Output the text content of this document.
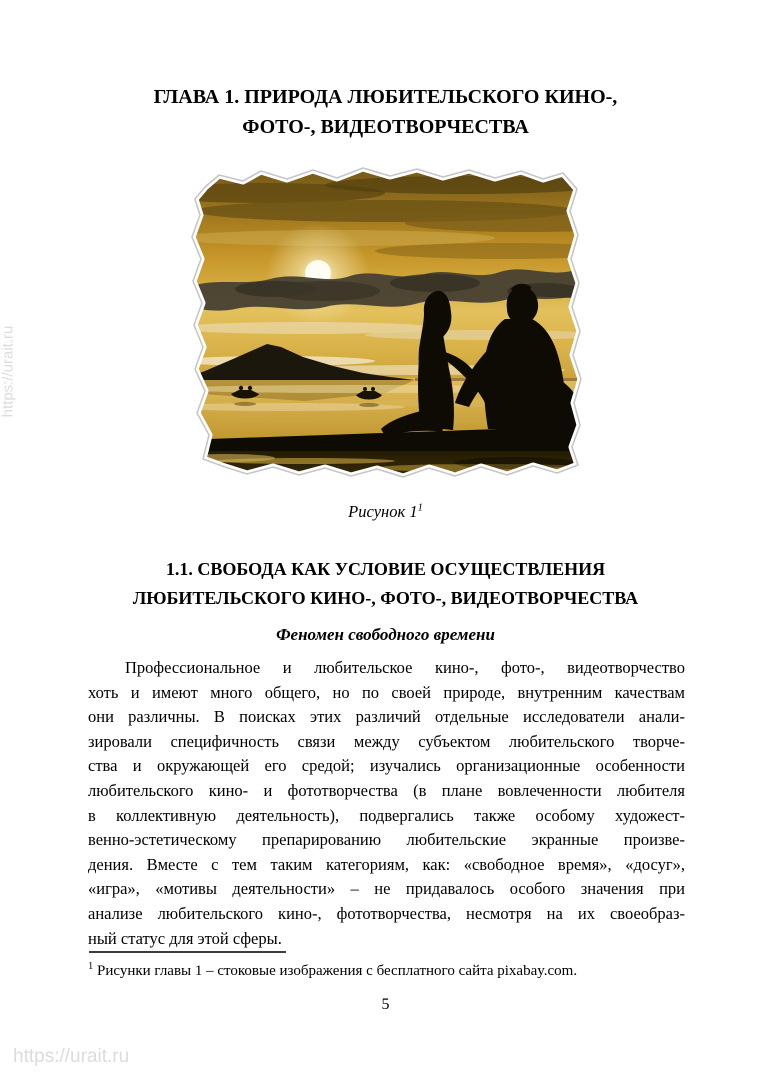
https://urait.ru
ГЛАВА 1. ПРИРОДА ЛЮБИТЕЛЬСКОГО КИНО-,
ФОТО-, ВИДЕОТВОРЧЕСТВА
Рисунок $1^1$
1.1. СВОБОДА КАК УСЛОВИЕ ОСУЩЕСТВЛЕНИЯ
ЛЮБИТЕЛЬСКОГО КИНО-, ФОТО-, ВИДЕОТВОРЧЕСТВА
Феномен свободного времени
Профессиональное и любительское кино-, фото-, видеотворчество
хоть и имеют много общего, но по своей природе, внутренним качествам
они различны. В поисках этих различий отдельные исследователи анали-
зировали специфичность связи между субъектом любительского творче-
ства и окружающей его средой; изучались организационные особенности
любительского кино- и фототворчества (в плане вовлеченности любителя
в коллективную деятельность), подвергались также особому художест-
венно-эстетическому препарированию любительские экранные произве-
дения. Вместе с тем таким категориям, как: «свободное время», «досуг»,
«игра», «мотивы деятельности» – не придавалось особого значения при
анализе любительского кино-, фототворчества, несмотря на их своеобраз-
ный статус для этой сферы.
$^1$ Рисунки главы 1 – стоковые изображения с бесплатного сайта pixabay.com.
5
https://urait.ru
